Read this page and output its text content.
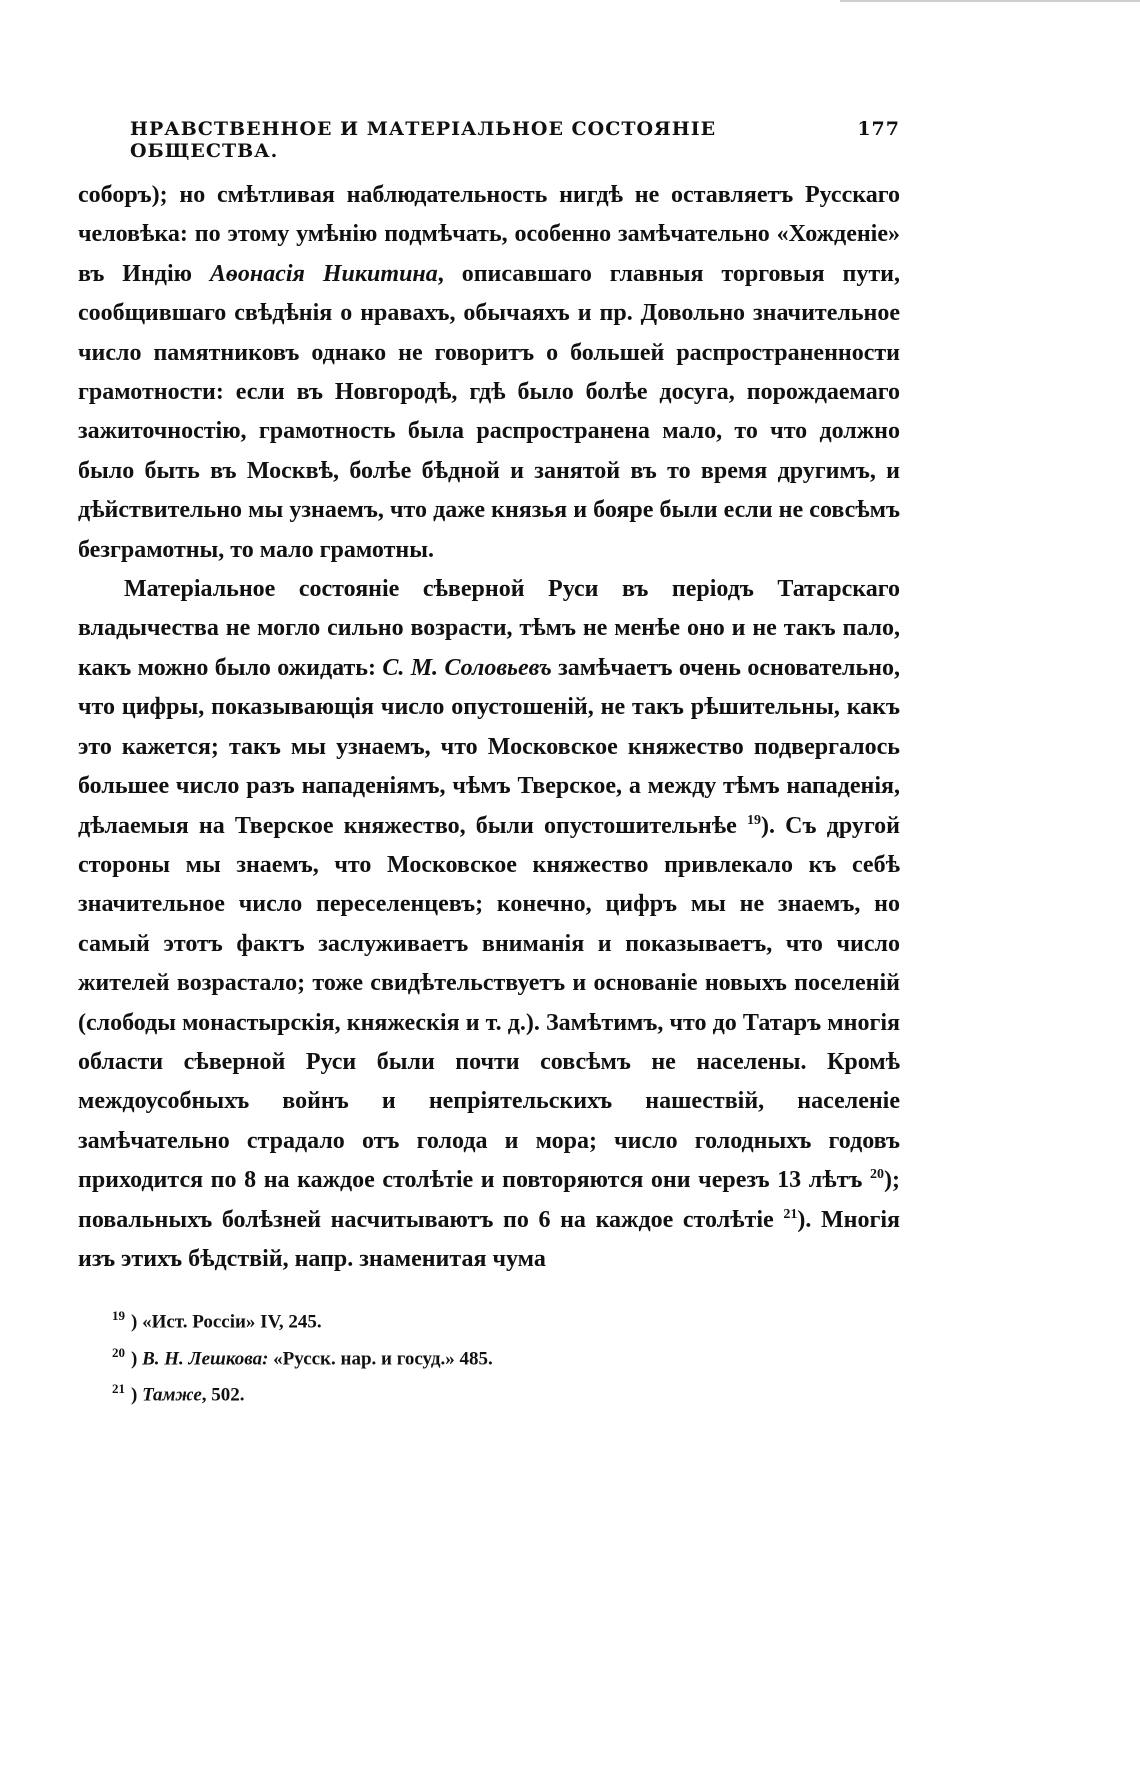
НРАВСТВЕННОЕ И МАТЕРІАЛЬНОЕ СОСТОЯНІЕ ОБЩЕСТВА.
177

соборъ); но смѣтливая наблюдательность нигдѣ не оставляетъ Русскаго человѣка: по этому умѣнію подмѣчать, особенно замѣчательно «Хожденіе» въ Индію Аѳонасія Никитина, описавшаго главныя торговыя пути, сообщившаго свѣдѣнія о нравахъ, обычаяхъ и пр. Довольно значительное число памятниковъ однако не говоритъ о большей распространенности грамотности: если въ Новгородѣ, гдѣ было болѣе досуга, порождаемаго зажиточностію, грамотность была распространена мало, то что должно было быть въ Москвѣ, болѣе бѣдной и занятой въ то время другимъ, и дѣйствительно мы узнаемъ, что даже князья и бояре были если не совсѣмъ безграмотны, то мало грамотны.

Матеріальное состояніе сѣверной Руси въ періодъ Татарскаго владычества не могло сильно возрасти, тѣмъ не менѣе оно и не такъ пало, какъ можно было ожидать: С. М. Соловьевъ замѣчаетъ очень основательно, что цифры, показывающія число опустошеній, не такъ рѣшительны, какъ это кажется; такъ мы узнаемъ, что Московское княжество подвергалось большее число разъ нападеніямъ, чѣмъ Тверское, а между тѣмъ нападенія, дѣлаемыя на Тверское княжество, были опустошительнѣе $^{19}$). Съ другой стороны мы знаемъ, что Московское княжество привлекало къ себѣ значительное число переселенцевъ; конечно, цифръ мы не знаемъ, но самый этотъ фактъ заслуживаетъ вниманія и показываетъ, что число жителей возрастало; тоже свидѣтельствуетъ и основаніе новыхъ поселеній (слободы монастырскія, княжескія и т. д.). Замѣтимъ, что до Татаръ многія области сѣверной Руси были почти совсѣмъ не населены. Кромѣ междоусобныхъ войнъ и непріятельскихъ нашествій, населеніе замѣчательно страдало отъ голода и мора; число голодныхъ годовъ приходится по 8 на каждое столѣтіе и повторяются они черезъ 13 лѣтъ $^{20}$); повальныхъ болѣзней насчитываютъ по 6 на каждое столѣтіе $^{21}$). Многія изъ этихъ бѣдствій, напр. знаменитая чума

$^{19}$ ) «Ист. Россіи» IV, 245.
$^{20}$ ) В. Н. Лешкова: «Русск. нар. и госуд.» 485.
$^{21}$ ) Тамже, 502.
